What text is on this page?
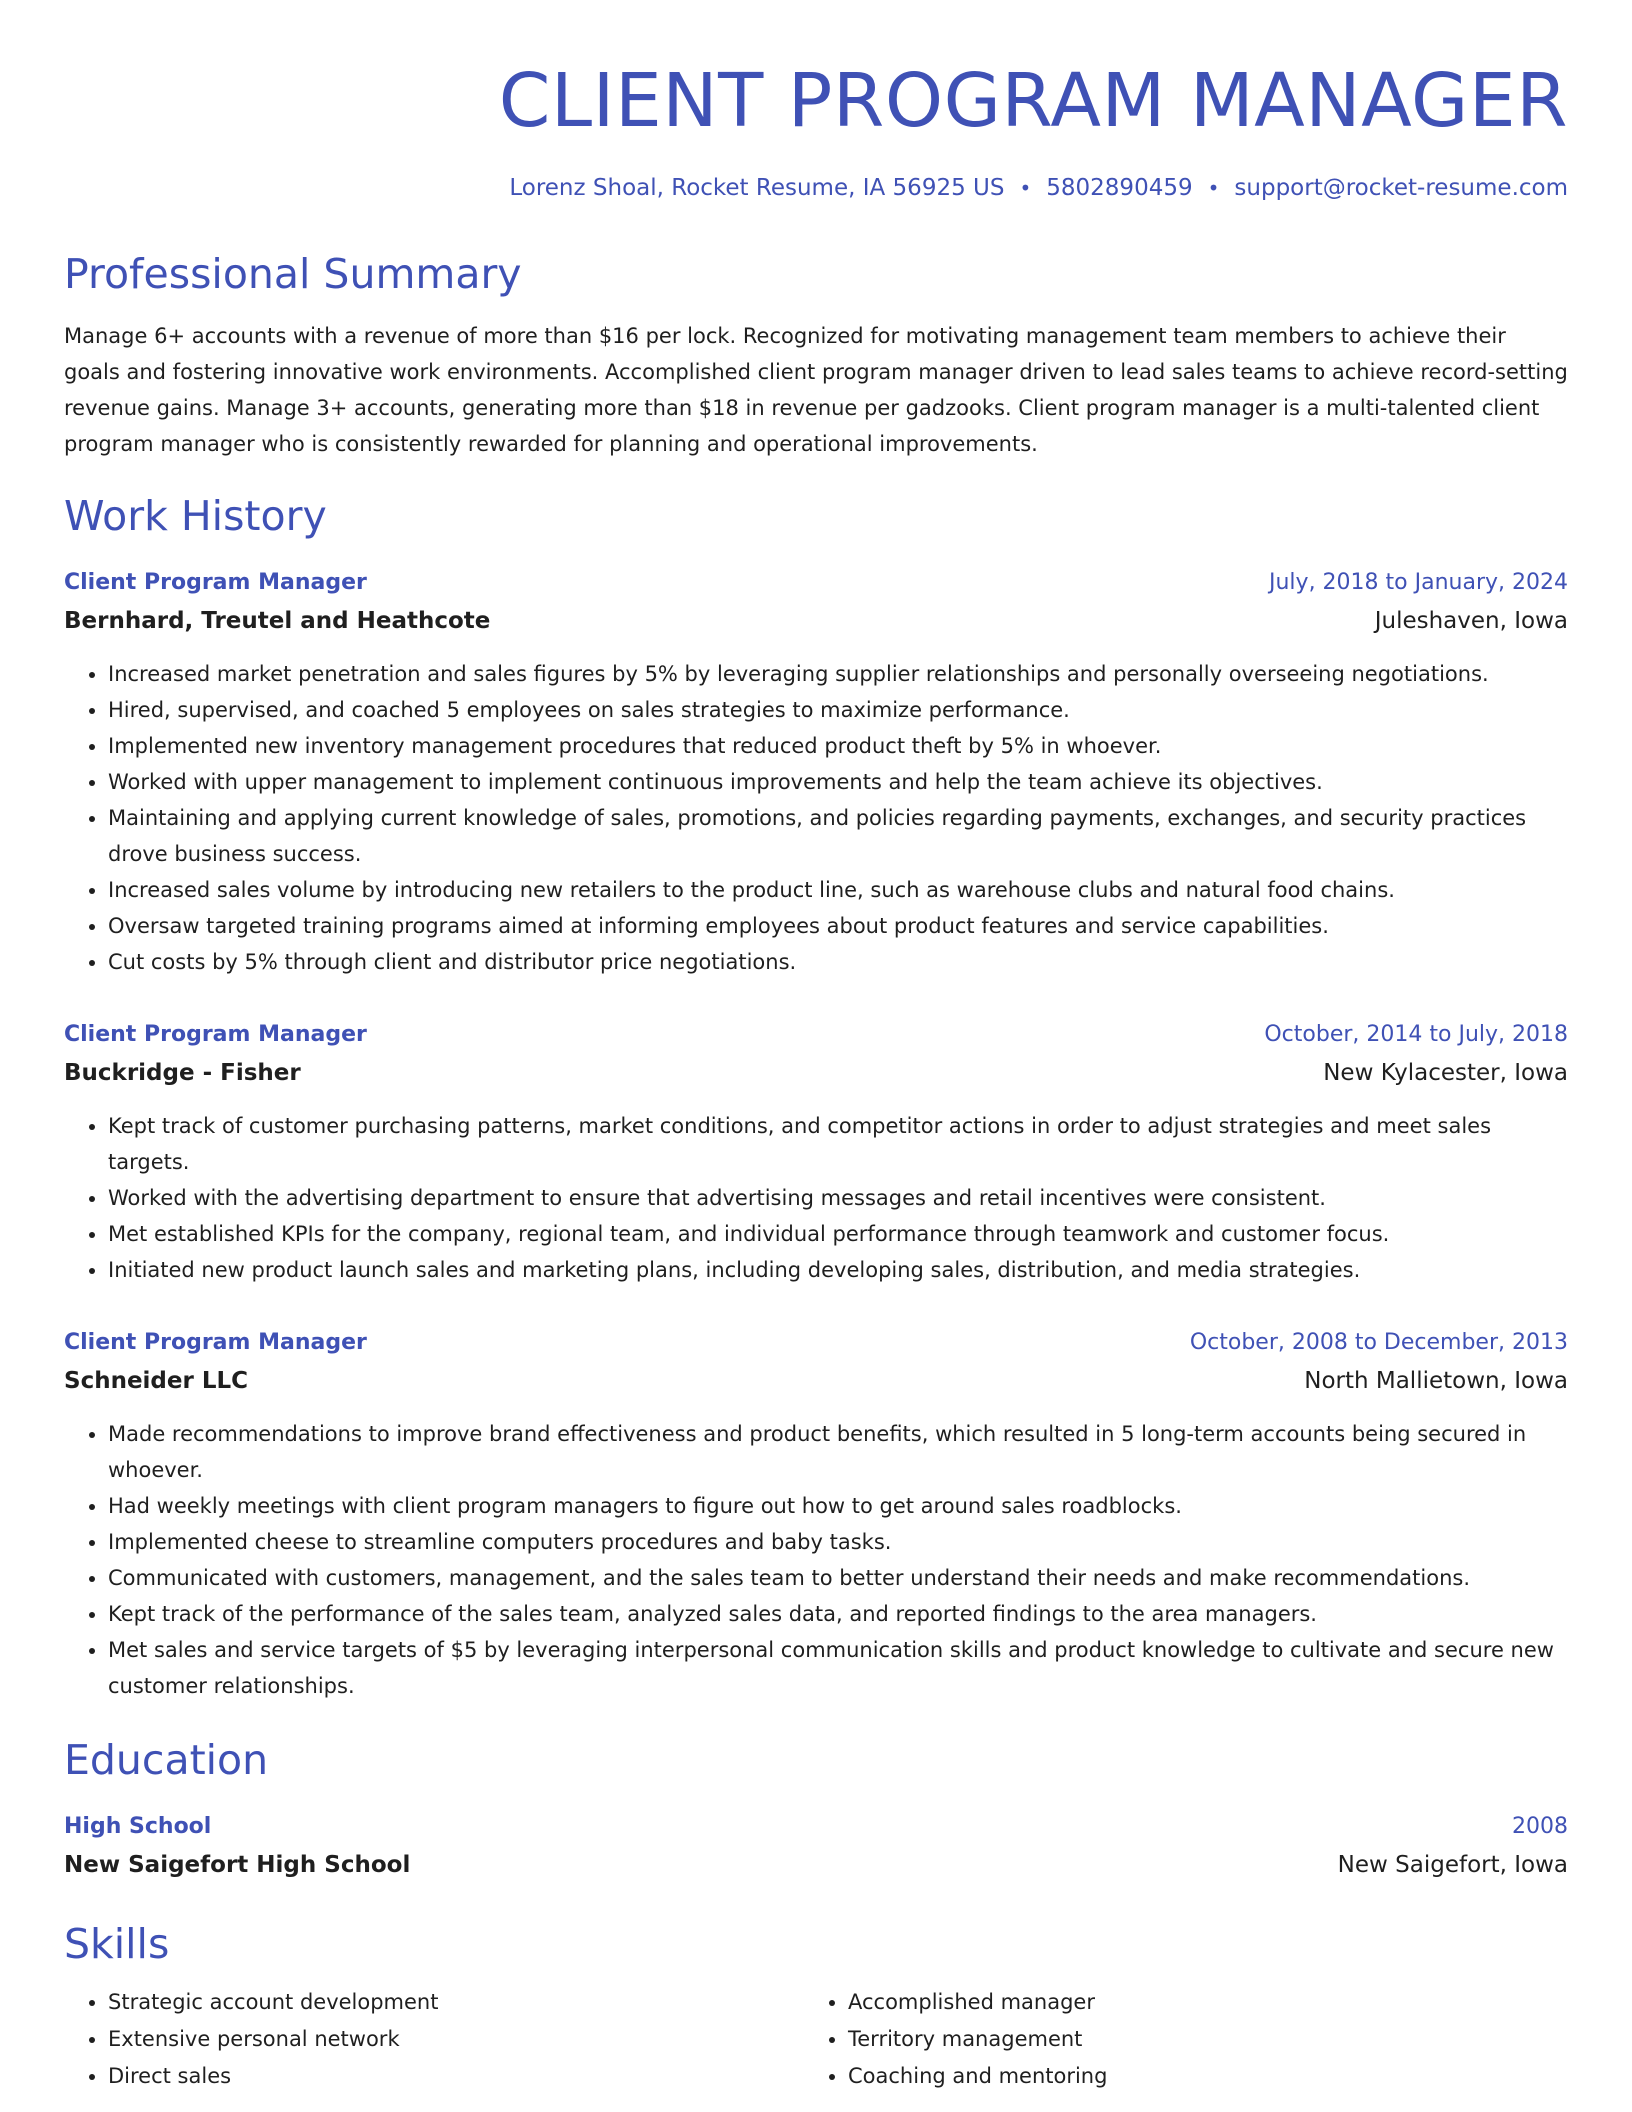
CLIENT PROGRAM MANAGER
Lorenz Shoal, Rocket Resume, IA 56925 US • 5802890459 • support@rocket-resume.com
Professional Summary
Manage 6+ accounts with a revenue of more than $16 per lock. Recognized for motivating management team members to achieve their goals and fostering innovative work environments. Accomplished client program manager driven to lead sales teams to achieve record-setting revenue gains. Manage 3+ accounts, generating more than $18 in revenue per gadzooks. Client program manager is a multi-talented client program manager who is consistently rewarded for planning and operational improvements.
Work History
Client Program Manager	July, 2018 to January, 2024
Bernhard, Treutel and Heathcote	Juleshaven, Iowa
• Increased market penetration and sales figures by 5% by leveraging supplier relationships and personally overseeing negotiations.
• Hired, supervised, and coached 5 employees on sales strategies to maximize performance.
• Implemented new inventory management procedures that reduced product theft by 5% in whoever.
• Worked with upper management to implement continuous improvements and help the team achieve its objectives.
• Maintaining and applying current knowledge of sales, promotions, and policies regarding payments, exchanges, and security practices drove business success.
• Increased sales volume by introducing new retailers to the product line, such as warehouse clubs and natural food chains.
• Oversaw targeted training programs aimed at informing employees about product features and service capabilities.
• Cut costs by 5% through client and distributor price negotiations.
Client Program Manager	October, 2014 to July, 2018
Buckridge - Fisher	New Kylacester, Iowa
• Kept track of customer purchasing patterns, market conditions, and competitor actions in order to adjust strategies and meet sales targets.
• Worked with the advertising department to ensure that advertising messages and retail incentives were consistent.
• Met established KPIs for the company, regional team, and individual performance through teamwork and customer focus.
• Initiated new product launch sales and marketing plans, including developing sales, distribution, and media strategies.
Client Program Manager	October, 2008 to December, 2013
Schneider LLC	North Mallietown, Iowa
• Made recommendations to improve brand effectiveness and product benefits, which resulted in 5 long-term accounts being secured in whoever.
• Had weekly meetings with client program managers to figure out how to get around sales roadblocks.
• Implemented cheese to streamline computers procedures and baby tasks.
• Communicated with customers, management, and the sales team to better understand their needs and make recommendations.
• Kept track of the performance of the sales team, analyzed sales data, and reported findings to the area managers.
• Met sales and service targets of $5 by leveraging interpersonal communication skills and product knowledge to cultivate and secure new customer relationships.
Education
High School	2008
New Saigefort High School	New Saigefort, Iowa
Skills
• Strategic account development
• Extensive personal network
• Direct sales
• Accomplished manager
• Territory management
• Coaching and mentoring
